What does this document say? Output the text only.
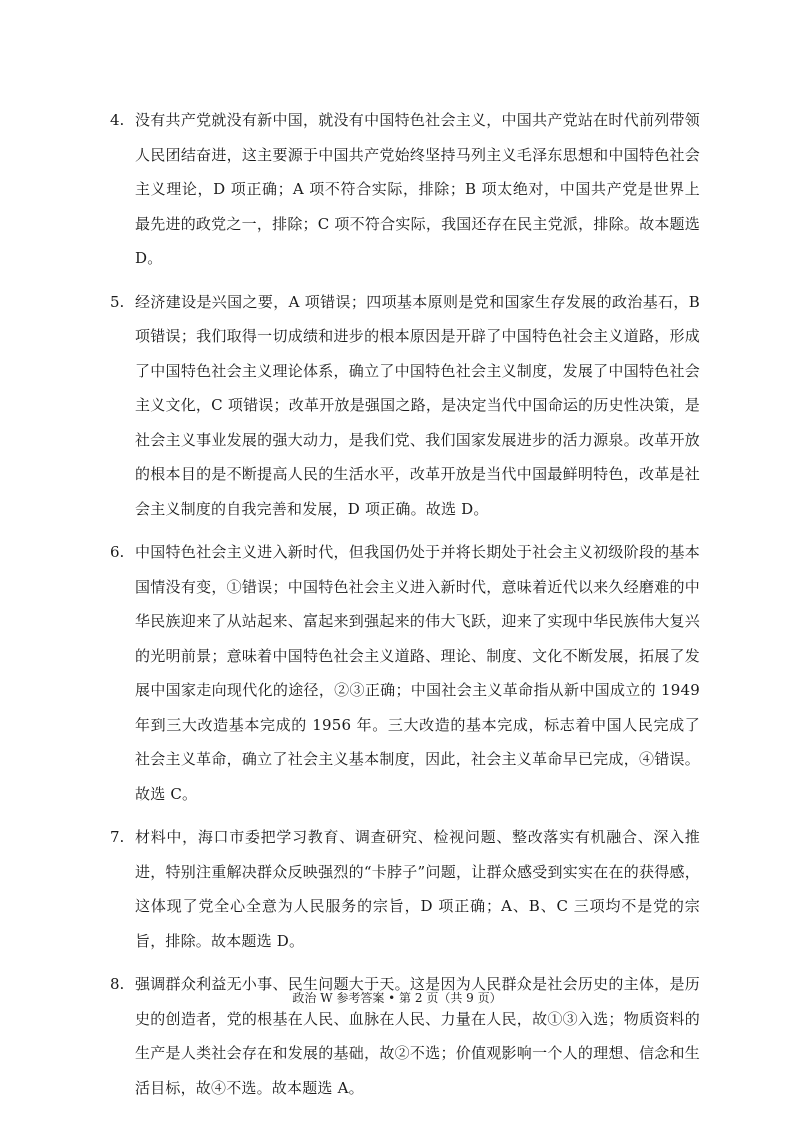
4. 没有共产党就没有新中国，就没有中国特色社会主义，中国共产党站在时代前列带领人民团结奋进，这主要源于中国共产党始终坚持马列主义毛泽东思想和中国特色社会主义理论，D 项正确；A 项不符合实际，排除；B 项太绝对，中国共产党是世界上最先进的政党之一，排除；C 项不符合实际，我国还存在民主党派，排除。故本题选 D。
5. 经济建设是兴国之要，A 项错误；四项基本原则是党和国家生存发展的政治基石，B 项错误；我们取得一切成绩和进步的根本原因是开辟了中国特色社会主义道路，形成了中国特色社会主义理论体系，确立了中国特色社会主义制度，发展了中国特色社会主义文化，C 项错误；改革开放是强国之路，是决定当代中国命运的历史性决策，是社会主义事业发展的强大动力，是我们党、我们国家发展进步的活力源泉。改革开放的根本目的是不断提高人民的生活水平，改革开放是当代中国最鲜明特色，改革是社会主义制度的自我完善和发展，D 项正确。故选 D。
6. 中国特色社会主义进入新时代，但我国仍处于并将长期处于社会主义初级阶段的基本国情没有变，①错误；中国特色社会主义进入新时代，意味着近代以来久经磨难的中华民族迎来了从站起来、富起来到强起来的伟大飞跃，迎来了实现中华民族伟大复兴的光明前景；意味着中国特色社会主义道路、理论、制度、文化不断发展，拓展了发展中国家走向现代化的途径，②③正确；中国社会主义革命指从新中国成立的 1949 年到三大改造基本完成的 1956 年。三大改造的基本完成，标志着中国人民完成了社会主义革命，确立了社会主义基本制度，因此，社会主义革命早已完成，④错误。故选 C。
7. 材料中，海口市委把学习教育、调查研究、检视问题、整改落实有机融合、深入推进，特别注重解决群众反映强烈的“卡脖子”问题，让群众感受到实实在在的获得感，这体现了党全心全意为人民服务的宗旨，D 项正确；A、B、C 三项均不是党的宗旨，排除。故本题选 D。
8. 强调群众利益无小事、民生问题大于天。这是因为人民群众是社会历史的主体，是历史的创造者，党的根基在人民、血脉在人民、力量在人民，故①③入选；物质资料的生产是人类社会存在和发展的基础，故②不选；价值观影响一个人的理想、信念和生活目标，故④不选。故本题选 A。
政治 W 参考答案 • 第 2 页（共 9 页）
